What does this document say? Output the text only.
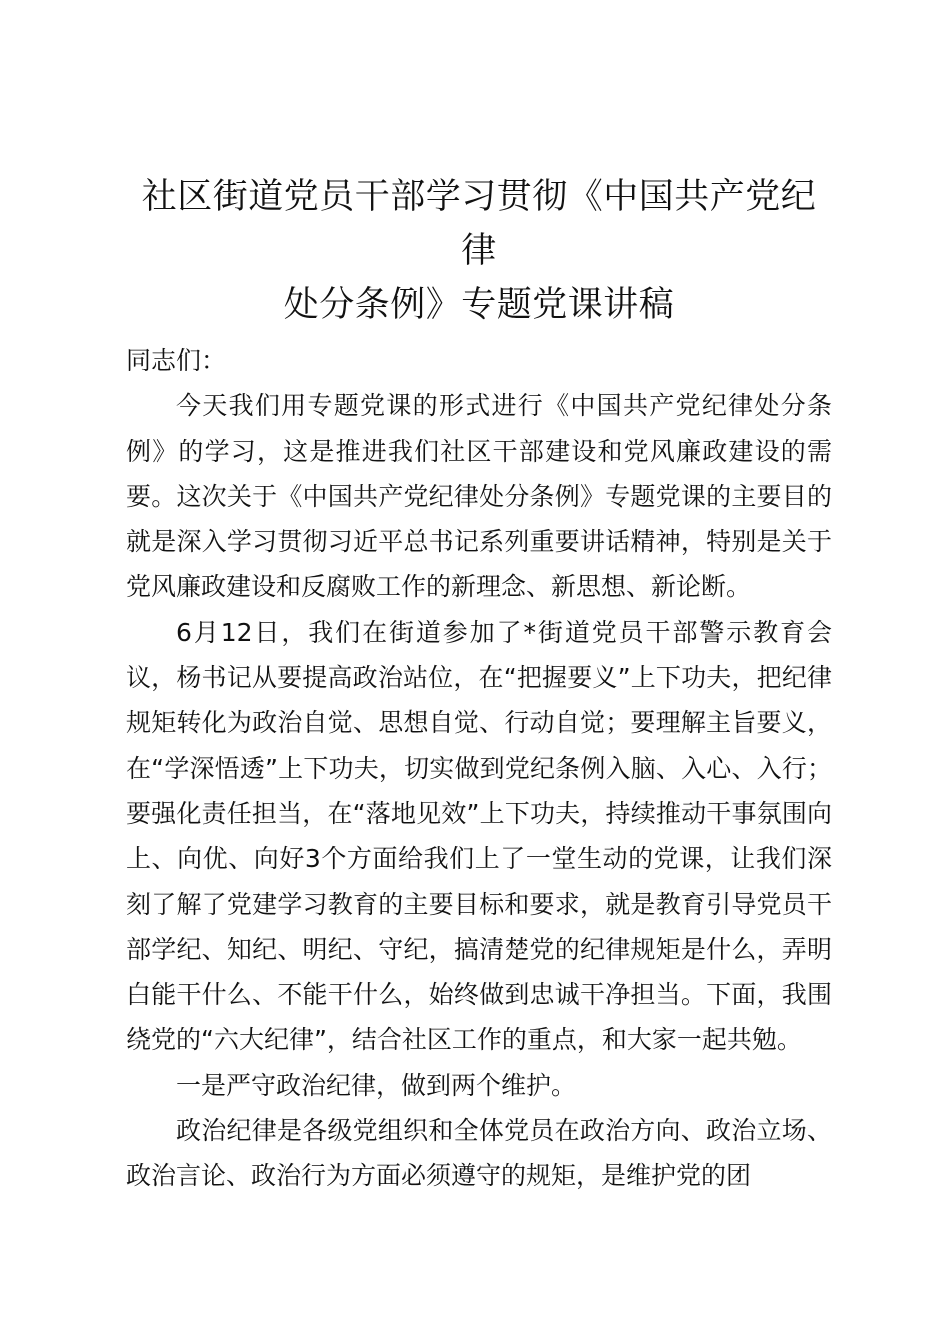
社区街道党员干部学习贯彻《中国共产党纪律
处分条例》专题党课讲稿

同志们：

今天我们用专题党课的形式进行《中国共产党纪律处分条例》的学习，这是推进我们社区干部建设和党风廉政建设的需要。这次关于《中国共产党纪律处分条例》专题党课的主要目的就是深入学习贯彻习近平总书记系列重要讲话精神，特别是关于党风廉政建设和反腐败工作的新理念、新思想、新论断。

6月12日，我们在街道参加了*街道党员干部警示教育会议，杨书记从要提高政治站位，在“把握要义”上下功夫，把纪律规矩转化为政治自觉、思想自觉、行动自觉；要理解主旨要义，在“学深悟透”上下功夫，切实做到党纪条例入脑、入心、入行；要强化责任担当，在“落地见效”上下功夫，持续推动干事氛围向上、向优、向好3个方面给我们上了一堂生动的党课，让我们深刻了解了党建学习教育的主要目标和要求，就是教育引导党员干部学纪、知纪、明纪、守纪，搞清楚党的纪律规矩是什么，弄明白能干什么、不能干什么，始终做到忠诚干净担当。下面，我围绕党的“六大纪律”，结合社区工作的重点，和大家一起共勉。

一是严守政治纪律，做到两个维护。

政治纪律是各级党组织和全体党员在政治方向、政治立场、政治言论、政治行为方面必须遵守的规矩，是维护党的团
